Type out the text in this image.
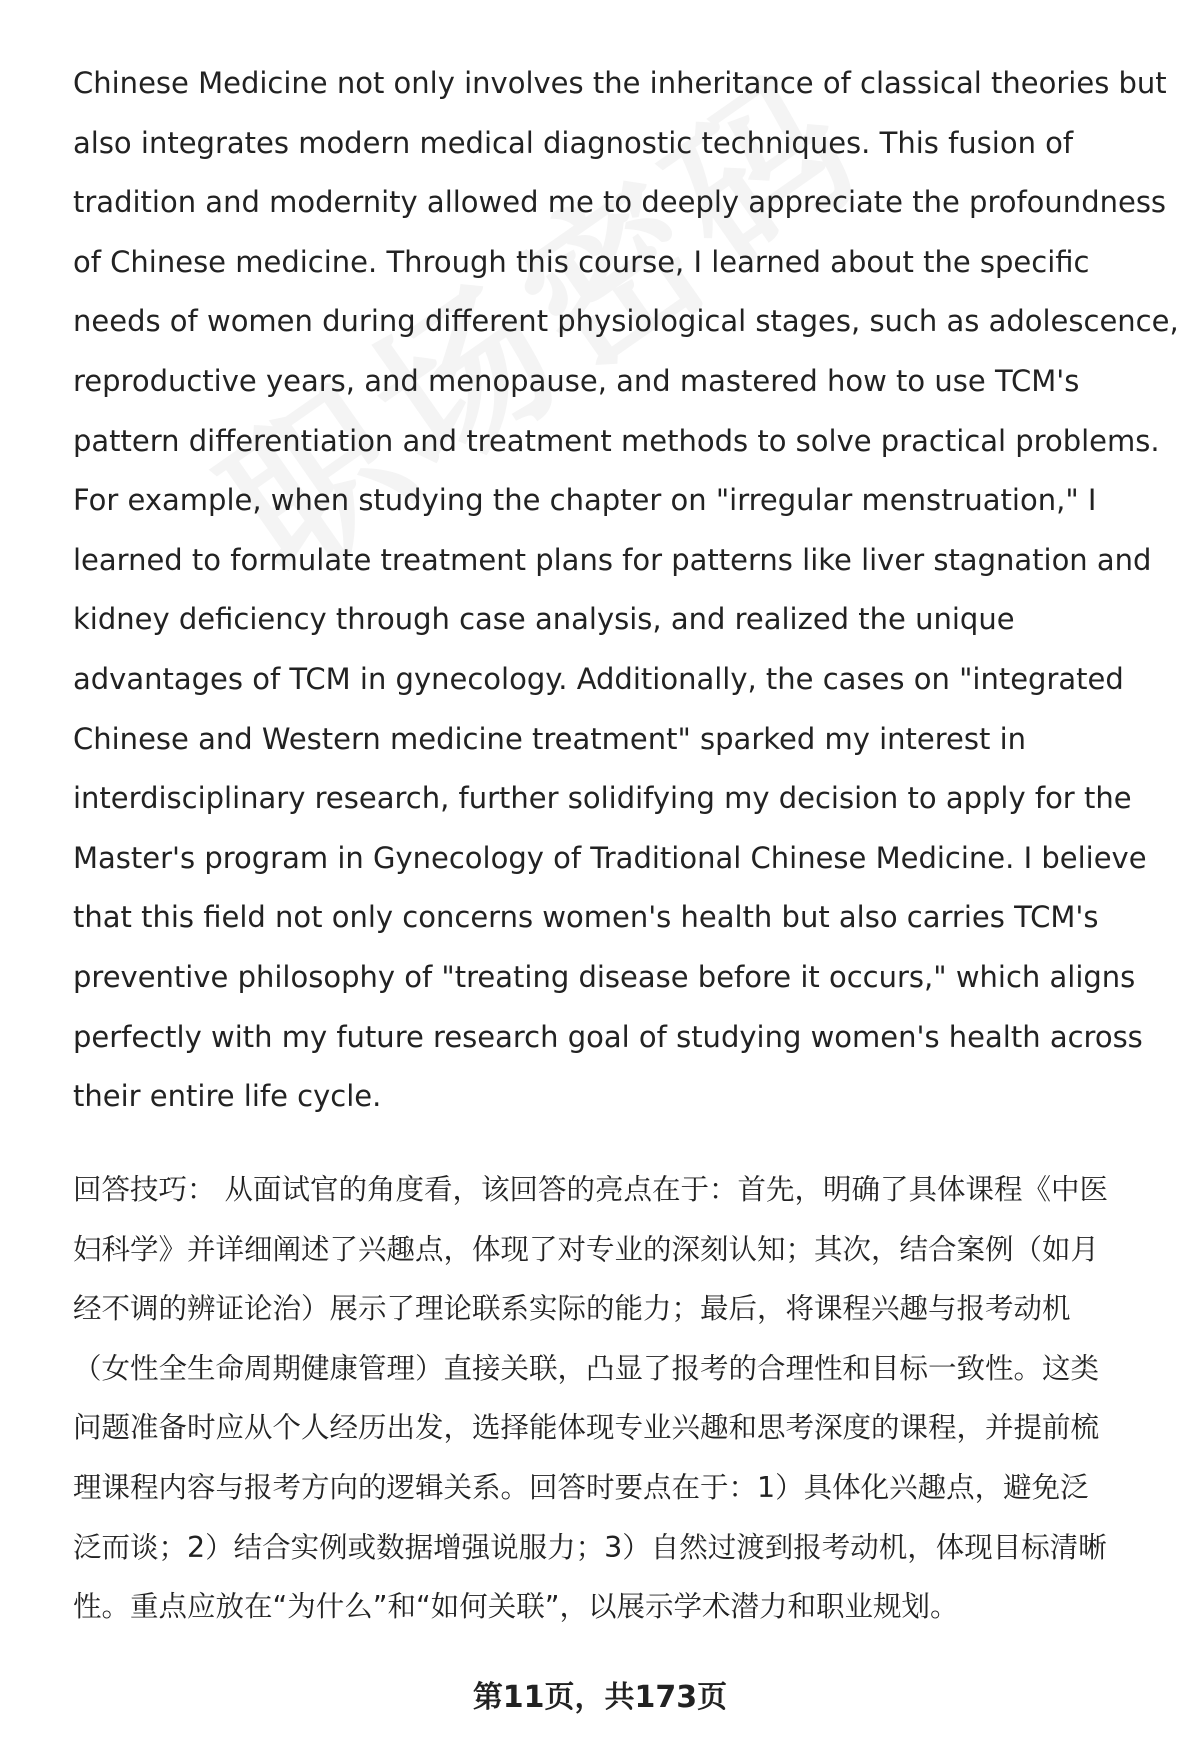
Chinese Medicine not only involves the inheritance of classical theories but
also integrates modern medical diagnostic techniques. This fusion of
tradition and modernity allowed me to deeply appreciate the profoundness
of Chinese medicine. Through this course, I learned about the specific
needs of women during different physiological stages, such as adolescence,
reproductive years, and menopause, and mastered how to use TCM's
pattern differentiation and treatment methods to solve practical problems.
For example, when studying the chapter on "irregular menstruation," I
learned to formulate treatment plans for patterns like liver stagnation and
kidney deficiency through case analysis, and realized the unique
advantages of TCM in gynecology. Additionally, the cases on "integrated
Chinese and Western medicine treatment" sparked my interest in
interdisciplinary research, further solidifying my decision to apply for the
Master's program in Gynecology of Traditional Chinese Medicine. I believe
that this field not only concerns women's health but also carries TCM's
preventive philosophy of "treating disease before it occurs," which aligns
perfectly with my future research goal of studying women's health across
their entire life cycle.
回答技巧： 从面试官的角度看，该回答的亮点在于：首先，明确了具体课程《中医
妇科学》并详细阐述了兴趣点，体现了对专业的深刻认知；其次，结合案例（如月
经不调的辨证论治）展示了理论联系实际的能力；最后，将课程兴趣与报考动机
（女性全生命周期健康管理）直接关联，凸显了报考的合理性和目标一致性。这类
问题准备时应从个人经历出发，选择能体现专业兴趣和思考深度的课程，并提前梳
理课程内容与报考方向的逻辑关系。回答时要点在于：1）具体化兴趣点，避免泛
泛而谈；2）结合实例或数据增强说服力；3）自然过渡到报考动机，体现目标清晰
性。重点应放在“为什么”和“如何关联”，以展示学术潜力和职业规划。
第11页，共173页
